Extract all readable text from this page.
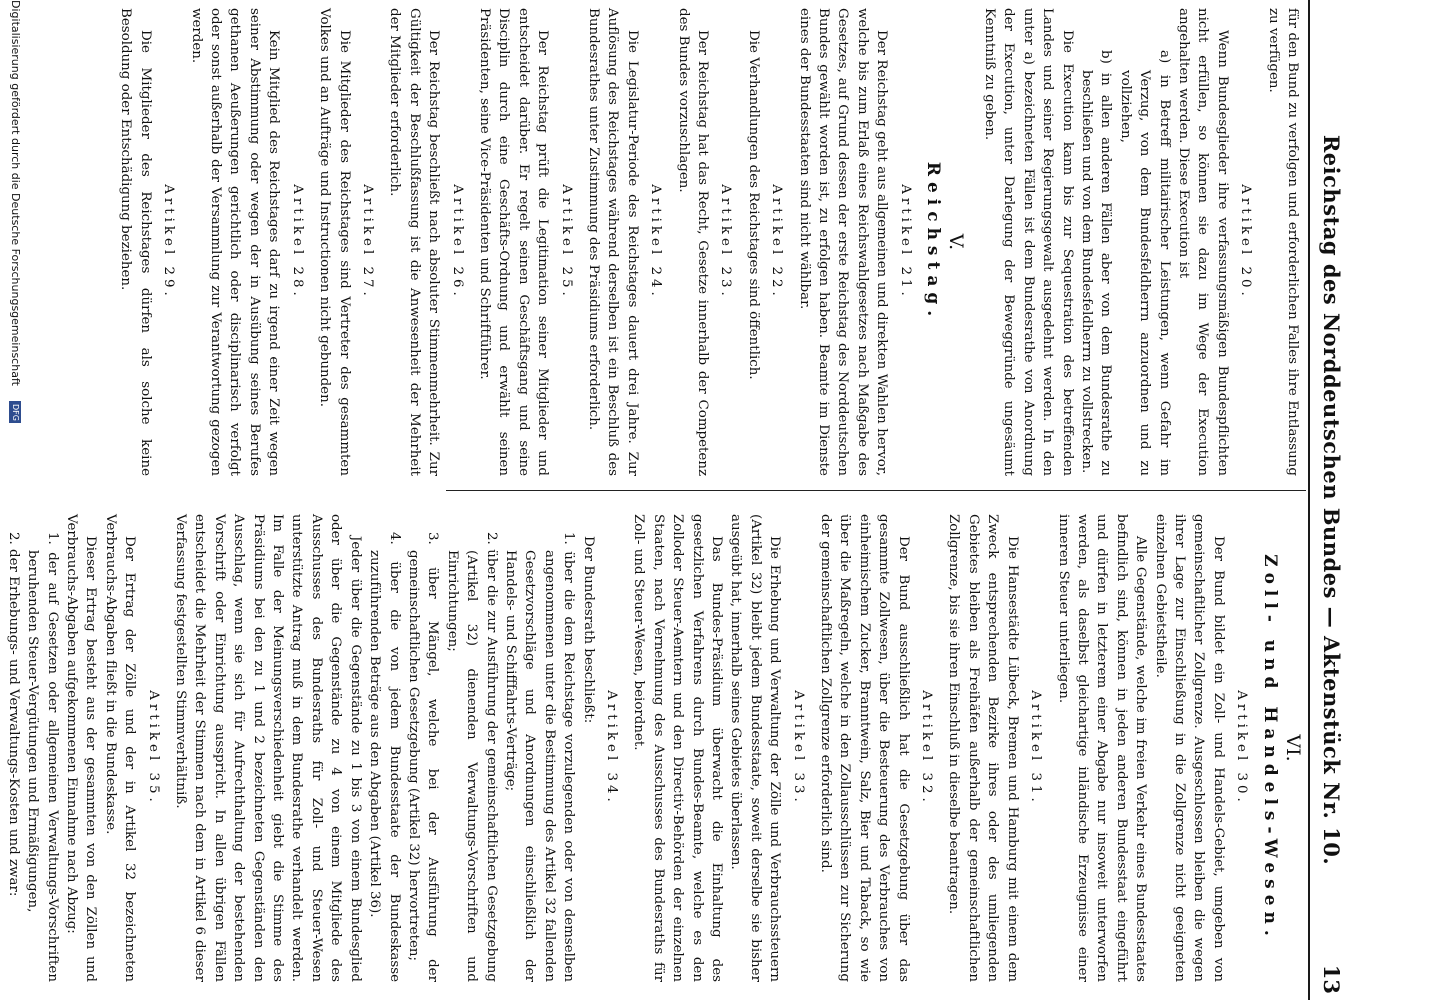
Reichstag des Norddeutschen Bundes — Aktenstück Nr. 10.
13

für den Bund zu verfolgen und erforderlichen Falles ihre Entlassung zu verfügen.

Artikel 20.

Wenn Bundesglieder ihre verfassungsmäßigen Bundespflichten nicht erfüllen, so können sie dazu im Wege der Execution angehalten werden. Diese Execution ist

a) in Betreff militairischer Leistungen, wenn Gefahr im Verzug, von dem Bundesfeldherrn anzuordnen und zu vollziehen,

b) in allen anderen Fällen aber von dem Bundesrathe zu beschließen und von dem Bundesfeldherrn zu vollstrecken.

Die Execution kann bis zur Sequestration des betreffenden Landes und seiner Regierungsgewalt ausgedehnt werden. In den unter a) bezeichneten Fällen ist dem Bundesrathe von Anordnung der Execution, unter Darlegung der Beweggründe ungesäumt Kenntniß zu geben.

V.
Reichstag.
Artikel 21.

Der Reichstag geht aus allgemeinen und direkten Wahlen hervor, welche bis zum Erlaß eines Reichswahlgesetzes nach Maßgabe des Gesetzes, auf Grund dessen der erste Reichstag des Norddeutschen Bundes gewählt worden ist, zu erfolgen haben. Beamte im Dienste eines der Bundesstaaten sind nicht wählbar.

Artikel 22.

Die Verhandlungen des Reichstages sind öffentlich.

Artikel 23.

Der Reichstag hat das Recht, Gesetze innerhalb der Competenz des Bundes vorzuschlagen.

Artikel 24.

Die Legislatur-Periode des Reichstages dauert drei Jahre. Zur Auflösung des Reichstages während derselben ist ein Beschluß des Bundesrathes unter Zustimmung des Präsidiums erforderlich.

Artikel 25.

Der Reichstag prüft die Legitimation seiner Mitglieder und entscheidet darüber. Er regelt seinen Geschäftsgang und seine Disciplin durch eine Geschäfts-Ordnung und erwählt seinen Präsidenten, seine Vice-Präsidenten und Schriftführer.

Artikel 26.

Der Reichstag beschließt nach absoluter Stimmenmehrheit. Zur Gültigkeit der Beschlußfassung ist die Anwesenheit der Mehrheit der Mitglieder erforderlich.

Artikel 27.

Die Mitglieder des Reichstages sind Vertreter des gesammten Volkes und an Aufträge und Instructionen nicht gebunden.

Artikel 28.

Kein Mitglied des Reichstages darf zu irgend einer Zeit wegen seiner Abstimmung oder wegen der in Ausübung seines Berufes gethanen Aeußerungen gerichtlich oder disciplinarisch verfolgt oder sonst außerhalb der Versammlung zur Verantwortung gezogen werden.

Artikel 29.

Die Mitglieder des Reichstages dürfen als solche keine Besoldung oder Entschädigung beziehen.

VI.
Zoll- und Handels-Wesen.
Artikel 30.

Der Bund bildet ein Zoll- und Handels-Gebiet, umgeben von gemeinschaftlicher Zollgrenze. Ausgeschlossen bleiben die wegen ihrer Lage zur Einschließung in die Zollgrenze nicht geeigneten einzelnen Gebietstheile.

Alle Gegenstände, welche im freien Verkehr eines Bundesstaates befindlich sind, können in jeden anderen Bundesstaat eingeführt und dürfen in letzterem einer Abgabe nur insoweit unterworfen werden, als daselbst gleichartige inländische Erzeugnisse einer inneren Steuer unterliegen.

Artikel 31.

Die Hansestädte Lübeck, Bremen und Hamburg mit einem dem Zweck entsprechenden Bezirke ihres oder des umliegenden Gebietes bleiben als Freihäfen außerhalb der gemeinschaftlichen Zollgrenze, bis sie ihren Einschluß in dieselbe beantragen.

Artikel 32.

Der Bund ausschließlich hat die Gesetzgebung über das gesammte Zollwesen, über die Besteuerung des Verbrauches von einheimischem Zucker, Branntwein, Salz, Bier und Taback, so wie über die Maßregeln, welche in den Zollausschlüssen zur Sicherung der gemeinschaftlichen Zollgrenze erforderlich sind.

Artikel 33.

Die Erhebung und Verwaltung der Zölle und Verbrauchssteuern (Artikel 32) bleibt jedem Bundesstaate, soweit derselbe sie bisher ausgeübt hat, innerhalb seines Gebietes überlassen.

Das Bundes-Präsidium überwacht die Einhaltung des gesetzlichen Verfahrens durch Bundes-Beamte, welche es den Zolloder Steuer-Aemtern und den Directiv-Behörden der einzelnen Staaten, nach Vernehmung des Ausschusses des Bundesraths für Zoll- und Steuer-Wesen, beiordnet.

Artikel 34.

Der Bundesrath beschließt:

1. über die dem Reichstage vorzulegenden oder von demselben angenommenen unter die Bestimmung des Artikel 32 fallenden Gesetzvorschläge und Anordnungen einschließlich der Handels- und Schifffahrts-Verträge;

2. über die zur Ausführung der gemeinschaftlichen Gesetzgebung (Artikel 32) dienenden Verwaltungs-Vorschriften und Einrichtungen;

3. über Mängel, welche bei der Ausführung der gemeinschaftlichen Gesetzgebung (Artikel 32) hervortreten;

4. über die von jedem Bundesstaate der Bundeskasse zuzuführenden Beträge aus den Abgaben (Artikel 36).

Jeder über die Gegenstände zu 1 bis 3 von einem Bundesglied oder über die Gegenstände zu 4 von einem Mitgliede des Ausschusses des Bundesraths für Zoll- und Steuer-Wesen unterstützte Antrag muß in dem Bundesrathe verhandelt werden. Im Falle der Meinungsverschiedenheit giebt die Stimme des Präsidiums bei den zu 1 und 2 bezeichneten Gegenständen den Ausschlag, wenn sie sich für Aufrechthaltung der bestehenden Vorschrift oder Einrichtung ausspricht. In allen übrigen Fällen entscheidet die Mehrheit der Stimmen nach dem in Artikel 6 dieser Verfassung festgestellten Stimmverhältniß.

Artikel 35.

Der Ertrag der Zölle und der in Artikel 32 bezeichneten Verbrauchs-Abgaben fließt in die Bundeskasse.

Dieser Ertrag besteht aus der gesammten von den Zöllen und Verbrauchs-Abgaben aufgekommenen Einnahme nach Abzug:

1. der auf Gesetzen oder allgemeinen Verwaltungs-Vorschriften beruhenden Steuer-Vergütungen und Ermäßigungen,

2. der Erhebungs- und Verwaltungs-Kosten und zwar:

Digitalisierung gefördert durch die Deutsche Forschungsgemeinschaft DFG
